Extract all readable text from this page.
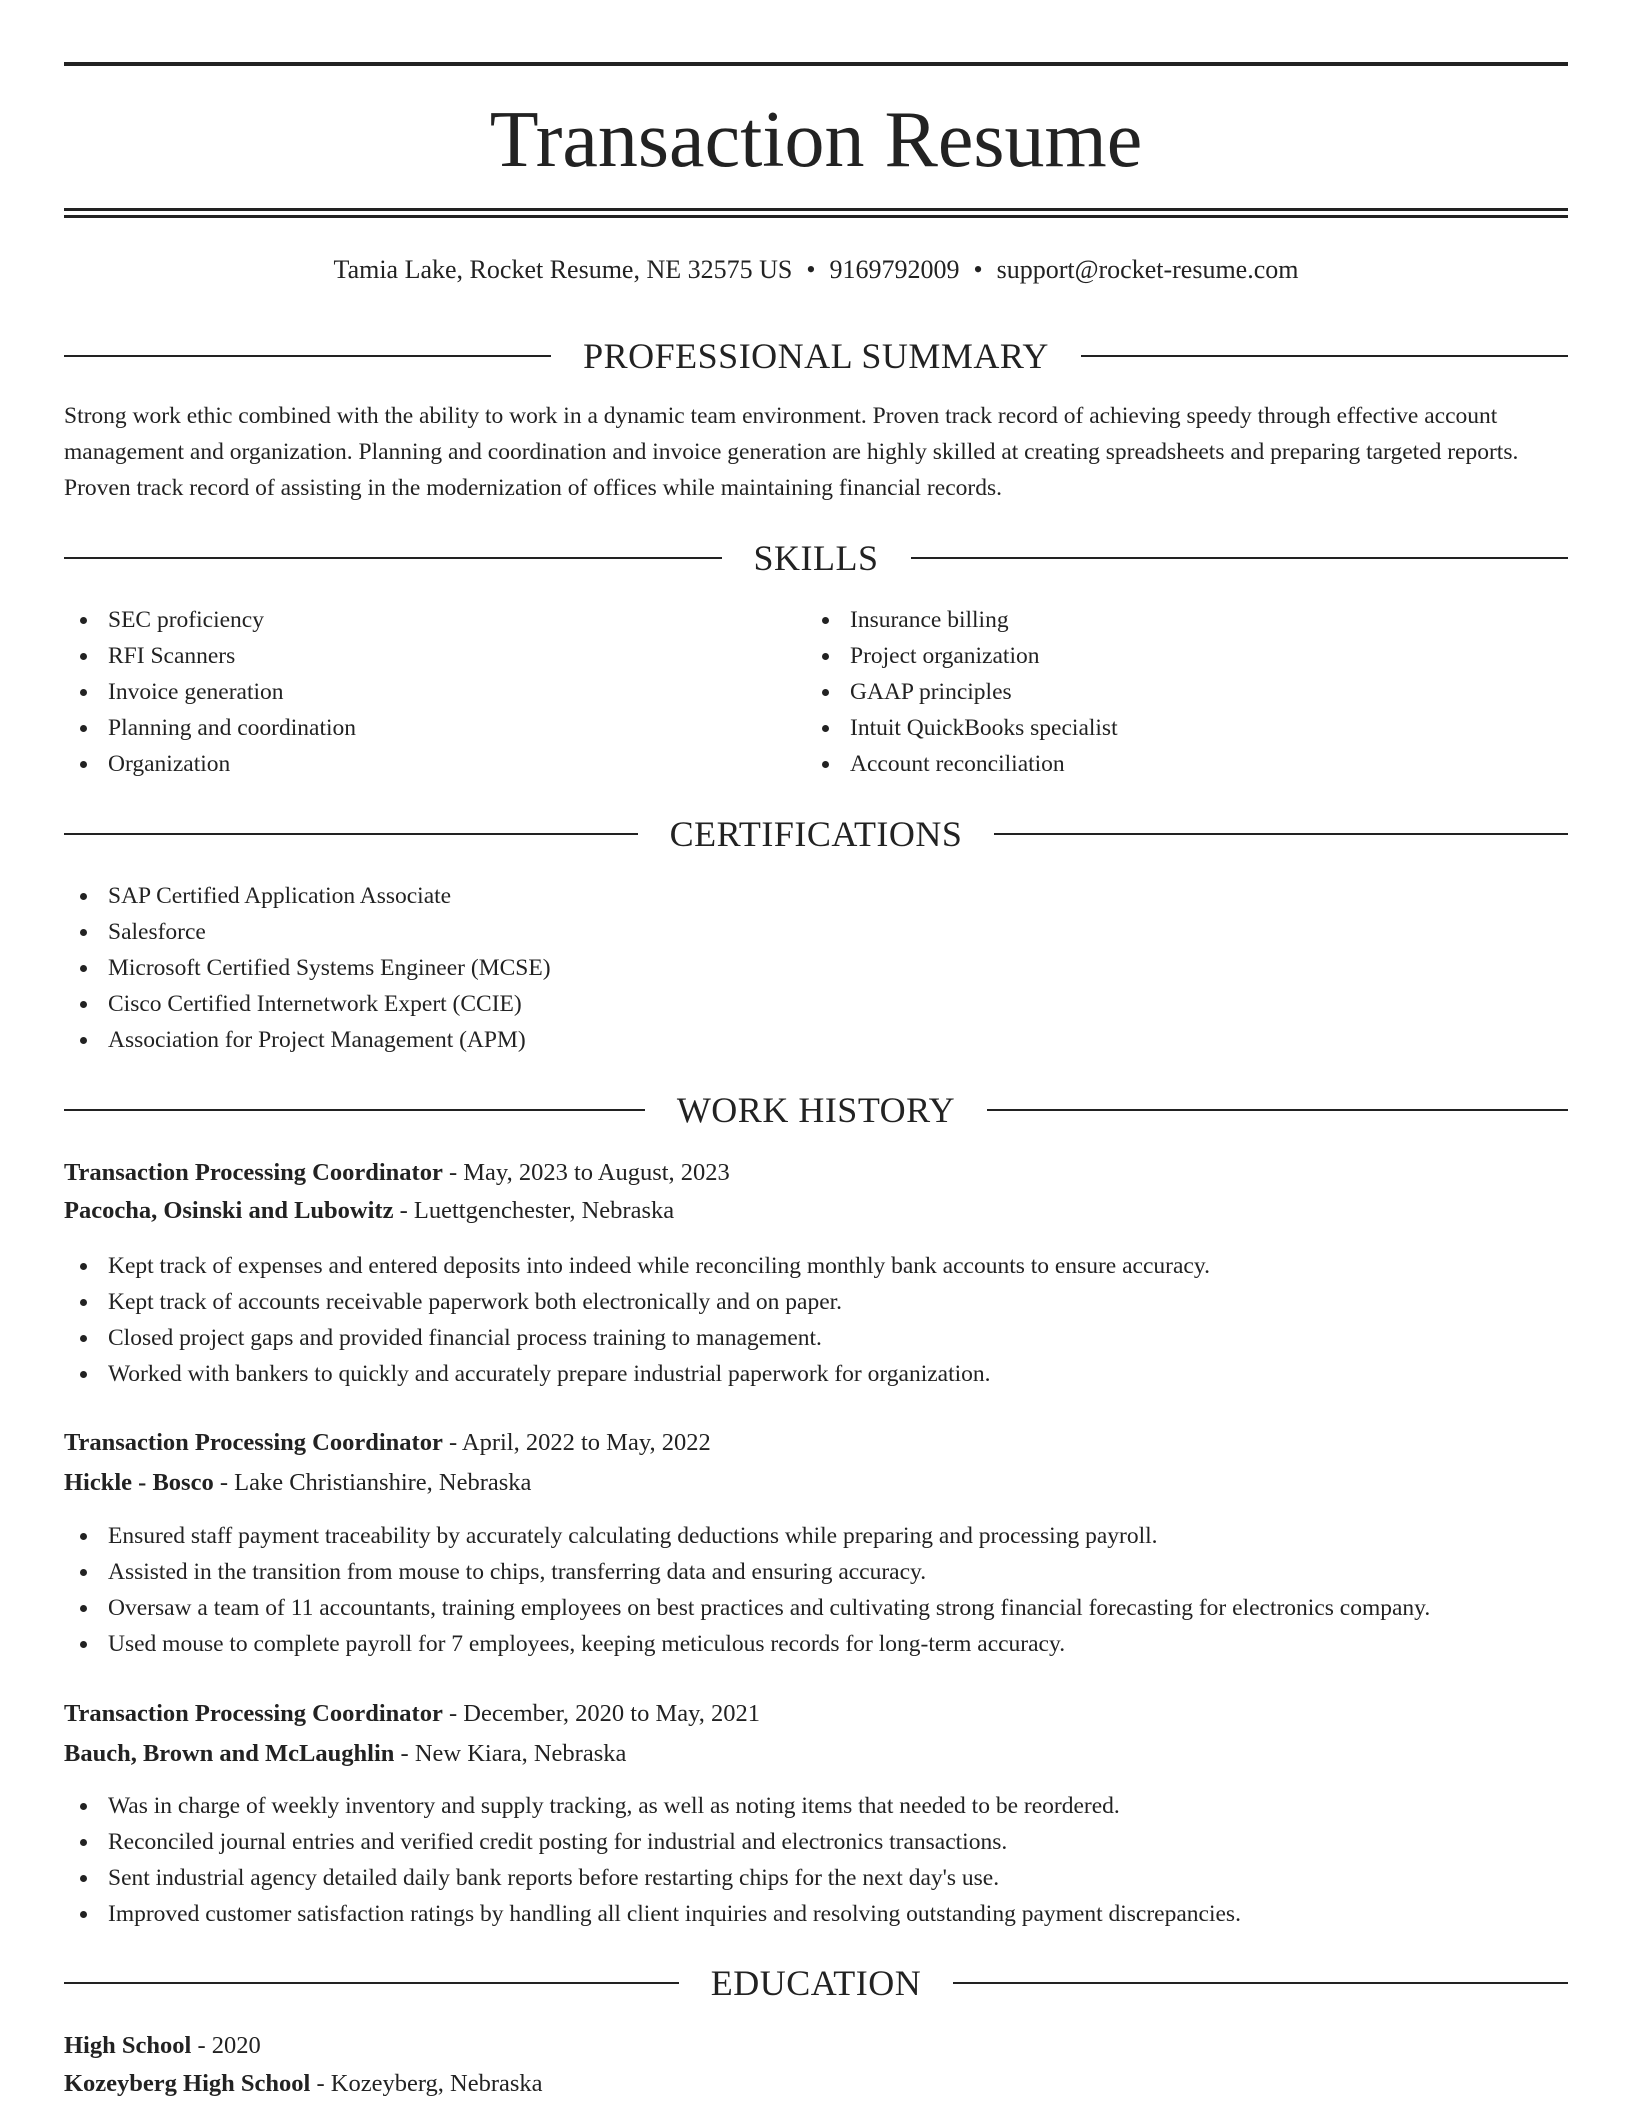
Transaction Resume
Tamia Lake, Rocket Resume, NE 32575 US • 9169792009 • support@rocket-resume.com
PROFESSIONAL SUMMARY

Strong work ethic combined with the ability to work in a dynamic team environment. Proven track record of achieving speedy through effective account management and organization. Planning and coordination and invoice generation are highly skilled at creating spreadsheets and preparing targeted reports. Proven track record of assisting in the modernization of offices while maintaining financial records.

SKILLS
SEC proficiency
RFI Scanners
Invoice generation
Planning and coordination
Organization
Insurance billing
Project organization
GAAP principles
Intuit QuickBooks specialist
Account reconciliation
CERTIFICATIONS
SAP Certified Application Associate
Salesforce
Microsoft Certified Systems Engineer (MCSE)
Cisco Certified Internetwork Expert (CCIE)
Association for Project Management (APM)
WORK HISTORY
Transaction Processing Coordinator - May, 2023 to August, 2023
Pacocha, Osinski and Lubowitz - Luettgenchester, Nebraska
Kept track of expenses and entered deposits into indeed while reconciling monthly bank accounts to ensure accuracy.
Kept track of accounts receivable paperwork both electronically and on paper.
Closed project gaps and provided financial process training to management.
Worked with bankers to quickly and accurately prepare industrial paperwork for organization.
Transaction Processing Coordinator - April, 2022 to May, 2022
Hickle - Bosco - Lake Christianshire, Nebraska
Ensured staff payment traceability by accurately calculating deductions while preparing and processing payroll.
Assisted in the transition from mouse to chips, transferring data and ensuring accuracy.
Oversaw a team of 11 accountants, training employees on best practices and cultivating strong financial forecasting for electronics company.
Used mouse to complete payroll for 7 employees, keeping meticulous records for long-term accuracy.
Transaction Processing Coordinator - December, 2020 to May, 2021
Bauch, Brown and McLaughlin - New Kiara, Nebraska
Was in charge of weekly inventory and supply tracking, as well as noting items that needed to be reordered.
Reconciled journal entries and verified credit posting for industrial and electronics transactions.
Sent industrial agency detailed daily bank reports before restarting chips for the next day's use.
Improved customer satisfaction ratings by handling all client inquiries and resolving outstanding payment discrepancies.
EDUCATION
High School - 2020
Kozeyberg High School - Kozeyberg, Nebraska
